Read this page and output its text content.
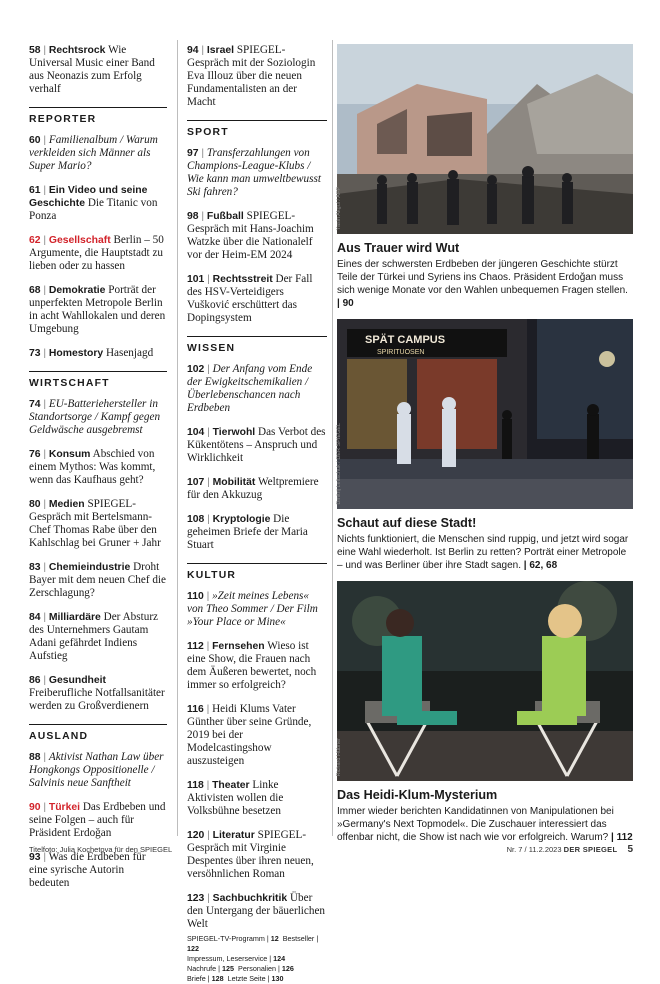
58 | Rechtsrock Wie Universal Music einer Band aus Neonazis zum Erfolg verhalf
REPORTER
60 | Familienalbum / Warum verkleiden sich Männer als Super Mario?
61 | Ein Video und seine Geschichte Die Titanic von Ponza
62 | Gesellschaft Berlin – 50 Argumente, die Hauptstadt zu lieben oder zu hassen
68 | Demokratie Porträt der unperfekten Metropole Berlin in acht Wahllokalen und deren Umgebung
73 | Homestory Hasenjagd
WIRTSCHAFT
74 | EU-Batteriehersteller in Standortsorge / Kampf gegen Geldwäsche ausgebremst
76 | Konsum Abschied von einem Mythos: Was kommt, wenn das Kaufhaus geht?
80 | Medien SPIEGEL-Gespräch mit Bertelsmann-Chef Thomas Rabe über den Kahlschlag bei Gruner + Jahr
83 | Chemieindustrie Droht Bayer mit dem neuen Chef die Zerschlagung?
84 | Milliardäre Der Absturz des Unternehmers Gautam Adani gefährdet Indiens Aufstieg
86 | Gesundheit Freiberufliche Notfallsanitäter werden zu Großverdienern
AUSLAND
88 | Aktivist Nathan Law über Hongkongs Oppositionelle / Salvinis neue Sanftheit
90 | Türkei Das Erdbeben und seine Folgen – auch für Präsident Erdoğan
93 | Was die Erdbeben für eine syrische Autorin bedeuten
94 | Israel SPIEGEL-Gespräch mit der Soziologin Eva Illouz über die neuen Fundamentalisten an der Macht
SPORT
97 | Transferzahlungen von Champions-League-Klubs / Wie kann man umweltbewusst Ski fahren?
98 | Fußball SPIEGEL-Gespräch mit Hans-Joachim Watzke über die Nationalelf vor der Heim-EM 2024
101 | Rechtsstreit Der Fall des HSV-Verteidigers Vušković erschüttert das Dopingsystem
WISSEN
102 | Der Anfang vom Ende der Ewigkeitschemikalien / Überlebenschancen nach Erdbeben
104 | Tierwohl Das Verbot des Kükentötens – Anspruch und Wirklichkeit
107 | Mobilität Weltpremiere für den Akkuzug
108 | Kryptologie Die geheimen Briefe der Maria Stuart
KULTUR
110 | »Zeit meines Lebens« von Theo Sommer / Der Film »Your Place or Mine«
112 | Fernsehen Wieso ist eine Show, die Frauen nach dem Äußeren bewertet, noch immer so erfolgreich?
116 | Heidi Klums Vater Günther über seine Gründe, 2019 bei der Modelcastingshow auszusteigen
118 | Theater Linke Aktivisten wollen die Volksbühne besetzen
120 | Literatur SPIEGEL-Gespräch mit Virginie Despentes über ihren neuen, versöhnlichen Roman
123 | Sachbuchkritik Über den Untergang der bäuerlichen Welt
SPIEGEL-TV-Programm | 12 Bestseller | 122
Impressum, Leserservice | 124
Nachrufe | 125 Personalien | 126
Briefe | 128 Letzte Seite | 130
Yasin Akgul / AFP
Aus Trauer wird Wut
Eines der schwersten Erdbeben der jüngeren Geschichte stürzt Teile der Türkei und Syriens ins Chaos. Präsident Erdoğan muss sich wenige Monate vor den Wahlen unbequemen Fragen stellen. | 90
SPÄT CAMPUS
SPIRITUOSEN
Dmitrij Leltschuk / DER SPIEGEL
Schaut auf diese Stadt!
Nichts funktioniert, die Menschen sind ruppig, und jetzt wird sogar eine Wahl wiederholt. Ist Berlin zu retten? Porträt einer Metropole – und was Berliner über ihre Stadt sagen. | 62, 68
Richard Hübner
Das Heidi-Klum-Mysterium
Immer wieder berichten Kandidatinnen von Manipulationen bei »Germany's Next Topmodel«. Die Zuschauer interessiert das offenbar nicht, die Show ist nach wie vor erfolgreich. Warum? | 112
Titelfoto: Julia Kochetova für den SPIEGEL	Nr. 7 / 11.2.2023 DER SPIEGEL 5
